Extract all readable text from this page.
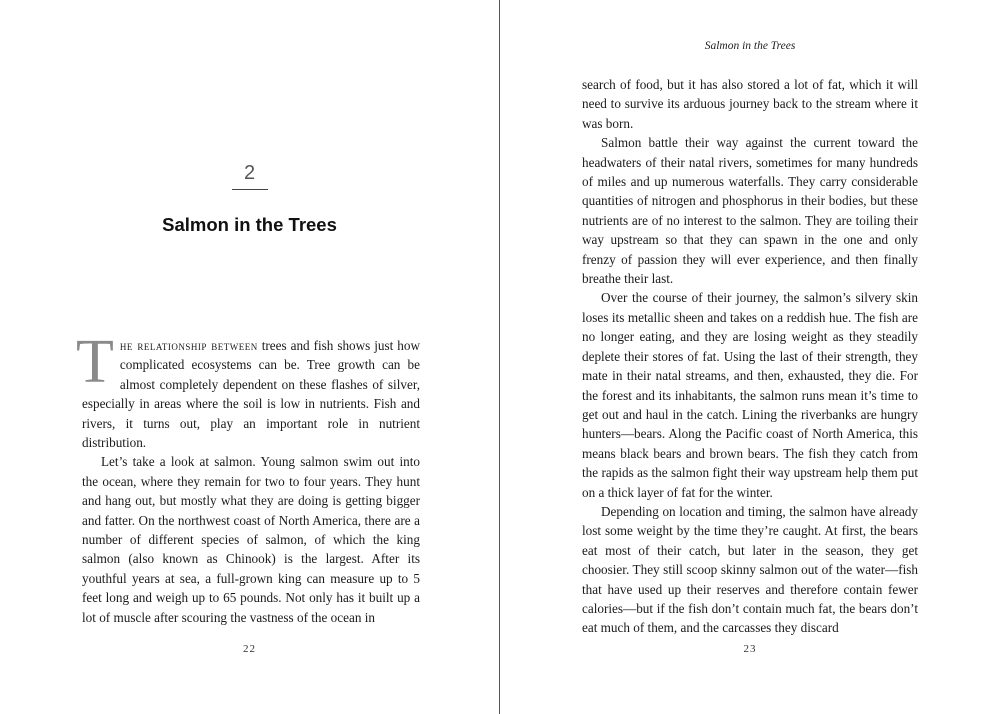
2
Salmon in the Trees

The relationship between trees and fish shows just how complicated ecosystems can be. Tree growth can be almost completely dependent on these flashes of silver, especially in areas where the soil is low in nutrients. Fish and rivers, it turns out, play an important role in nutrient distribution.

Let’s take a look at salmon. Young salmon swim out into the ocean, where they remain for two to four years. They hunt and hang out, but mostly what they are doing is getting bigger and fatter. On the northwest coast of North America, there are a number of different species of salmon, of which the king salmon (also known as Chinook) is the largest. After its youthful years at sea, a full-grown king can measure up to 5 feet long and weigh up to 65 pounds. Not only has it built up a lot of muscle after scouring the vastness of the ocean in

22
Salmon in the Trees

search of food, but it has also stored a lot of fat, which it will need to survive its arduous journey back to the stream where it was born.

Salmon battle their way against the current toward the headwaters of their natal rivers, sometimes for many hundreds of miles and up numerous waterfalls. They carry considerable quantities of nitrogen and phosphorus in their bodies, but these nutrients are of no interest to the salmon. They are toiling their way upstream so that they can spawn in the one and only frenzy of passion they will ever experience, and then finally breathe their last.

Over the course of their journey, the salmon’s silvery skin loses its metallic sheen and takes on a reddish hue. The fish are no longer eating, and they are losing weight as they steadily deplete their stores of fat. Using the last of their strength, they mate in their natal streams, and then, exhausted, they die. For the forest and its inhabitants, the salmon runs mean it’s time to get out and haul in the catch. Lining the riverbanks are hungry hunters—bears. Along the Pacific coast of North America, this means black bears and brown bears. The fish they catch from the rapids as the salmon fight their way upstream help them put on a thick layer of fat for the winter.

Depending on location and timing, the salmon have already lost some weight by the time they’re caught. At first, the bears eat most of their catch, but later in the season, they get choosier. They still scoop skinny salmon out of the water—fish that have used up their reserves and therefore contain fewer calories—but if the fish don’t contain much fat, the bears don’t eat much of them, and the carcasses they discard

23
